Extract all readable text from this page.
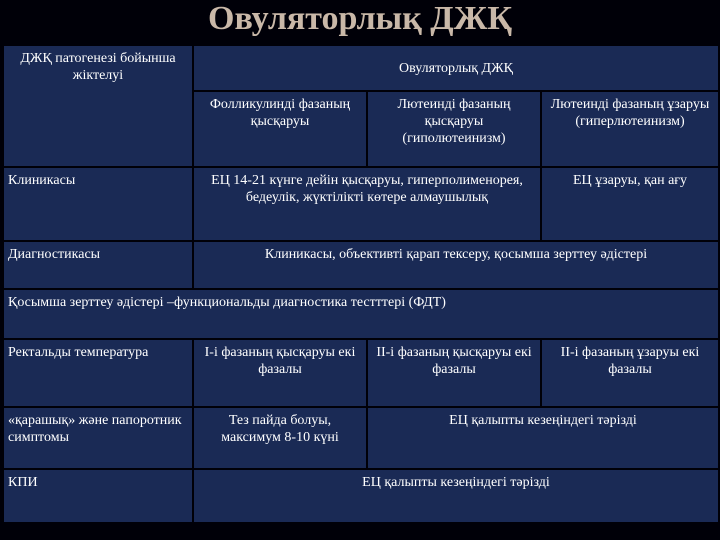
Овуляторлық ДЖҚ
ДЖҚ патогенезі бойынша жіктелуі	Овуляторлық ДЖҚ		
	Фолликулинді фазаның қысқаруы	Лютеинді фазаның қысқаруы (гиполютеинизм)	Лютеинді фазаның ұзаруы (гиперлютеинизм)
Клиникасы	ЕЦ 14-21 күнге дейін қысқаруы, гиперполименорея, бедеулік, жүктілікті көтере алмаушылық		ЕЦ ұзаруы, қан ағу
Диагностикасы	Клиникасы, объективті қарап тексеру, қосымша зерттеу әдістері		
Қосымша зерттеу әдістері –функциональды диагностика тестттері (ФДТ)			
Ректальды температура	І-і фазаның қысқаруы екі фазалы	ІІ-і фазаның қысқаруы екі фазалы	ІІ-і фазаның ұзаруы екі фазалы
«қарашық» және папоротник симптомы	Тез пайда болуы, максимум 8-10 күні	ЕЦ қалыпты кезеңіндегі тәрізді	
КПИ	ЕЦ қалыпты кезеңіндегі тәрізді		
